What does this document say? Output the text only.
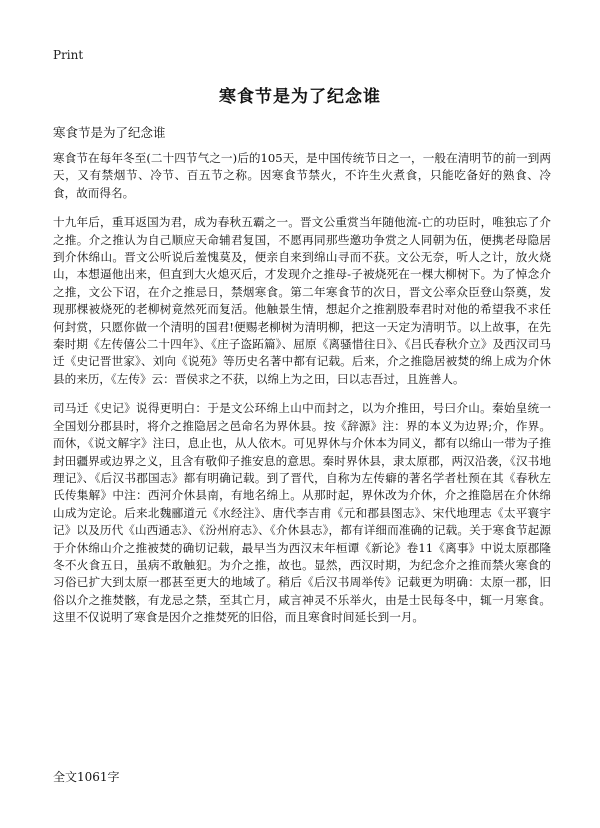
Print
寒食节是为了纪念谁
寒食节是为了纪念谁

寒食节在每年冬至(二十四节气之一)后的105天，是中国传统节日之一，一般在清明节的前一到两天，又有禁烟节、冷节、百五节之称。因寒食节禁火，不许生火煮食，只能吃备好的熟食、冷食，故而得名。

十九年后，重耳返国为君，成为春秋五霸之一。晋文公重赏当年随他流-亡的功臣时，唯独忘了介之推。介之推认为自己顺应天命辅君复国，不愿再同那些邀功争赏之人同朝为伍，便携老母隐居到介休绵山。晋文公听说后羞愧莫及，便亲自来到绵山寻而不获。文公无奈，听人之计，放火烧山，本想逼他出来，但直到大火熄灭后，才发现介之推母-子被烧死在一棵大柳树下。为了悼念介之推，文公下诏，在介之推忌日，禁烟寒食。第二年寒食节的次日，晋文公率众臣登山祭奠，发现那棵被烧死的老柳树竟然死而复活。他触景生情，想起介之推割股奉君时对他的希望我不求任何封赏，只愿你做一个清明的国君!便赐老柳树为清明柳，把这一天定为清明节。以上故事，在先秦时期《左传僖公二十四年》、《庄子盗跖篇》、屈原《离骚惜往日》、《吕氏春秋介立》及西汉司马迁《史记晋世家》、刘向《说苑》等历史名著中都有记载。后来，介之推隐居被焚的绵上成为介休县的来历，《左传》云：晋侯求之不获，以绵上为之田，曰以志吾过，且旌善人。

司马迁《史记》说得更明白：于是文公环绵上山中而封之，以为介推田，号曰介山。秦始皇统一全国划分郡县时，将介之推隐居之邑命名为界休县。按《辞源》注：界的本义为边界;介，作界。而休，《说文解字》注曰，息止也，从人依木。可见界休与介休本为同义，都有以绵山一带为子推封田疆界或边界之义，且含有敬仰子推安息的意思。秦时界休县，隶太原郡，两汉沿袭，《汉书地理记》、《后汉书郡国志》都有明确记载。到了晋代，自称为左传癖的著名学者杜预在其《春秋左氏传集解》中注：西河介休县南，有地名绵上。从那时起，界休改为介休，介之推隐居在介休绵山成为定论。后来北魏郦道元《水经注》、唐代李吉甫《元和郡县图志》、宋代地理志《太平寰宇记》以及历代《山西通志》、《汾州府志》、《介休县志》，都有详细而准确的记载。关于寒食节起源于介休绵山介之推被焚的确切记载，最早当为西汉末年桓谭《新论》卷11《离事》中说太原郡隆冬不火食五日，虽病不敢触犯。为介之推，故也。显然，西汉时期，为纪念介之推而禁火寒食的习俗已扩大到太原一郡甚至更大的地域了。稍后《后汉书周举传》记载更为明确：太原一郡，旧俗以介之推焚骸，有龙忌之禁，至其亡月，咸言神灵不乐举火，由是士民每冬中，辄一月寒食。这里不仅说明了寒食是因介之推焚死的旧俗，而且寒食时间延长到一月。

全文1061字
